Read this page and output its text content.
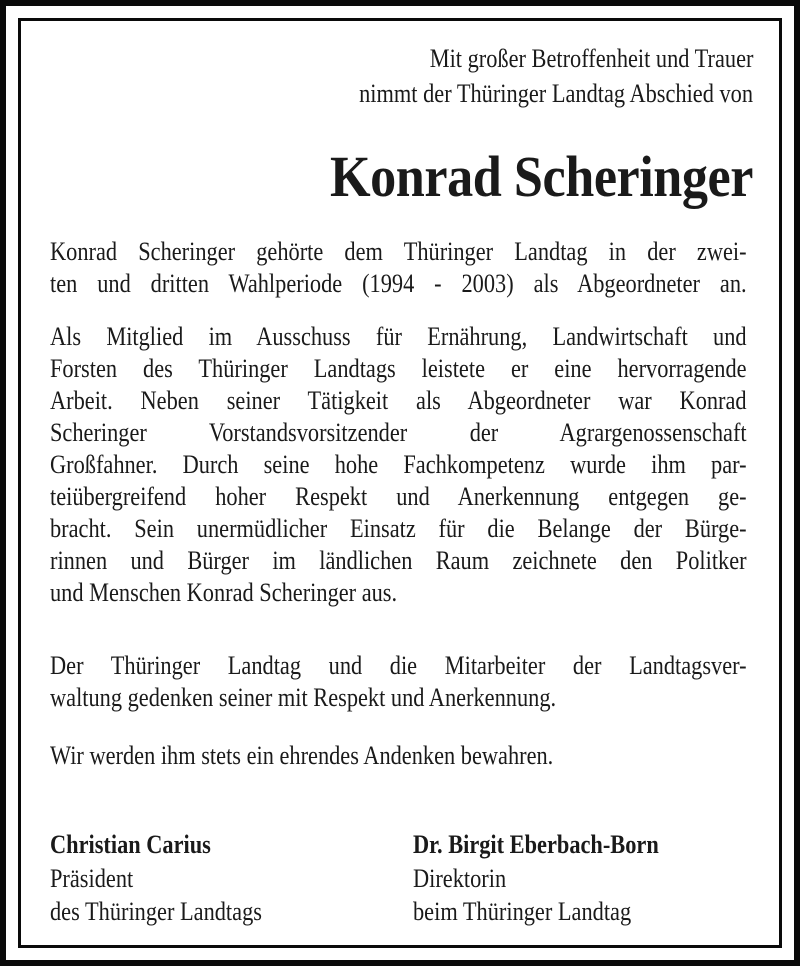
Mit großer Betroffenheit und Trauer
nimmt der Thüringer Landtag Abschied von
Konrad Scheringer
Konrad Scheringer gehörte dem Thüringer Landtag in der zwei-
ten und dritten Wahlperiode (1994 - 2003) als Abgeordneter an.
Als Mitglied im Ausschuss für Ernährung, Landwirtschaft und
Forsten des Thüringer Landtags leistete er eine hervorragende
Arbeit. Neben seiner Tätigkeit als Abgeordneter war Konrad
Scheringer Vorstandsvorsitzender der Agrargenossenschaft
Großfahner. Durch seine hohe Fachkompetenz wurde ihm par-
teiübergreifend hoher Respekt und Anerkennung entgegen ge-
bracht. Sein unermüdlicher Einsatz für die Belange der Bürge-
rinnen und Bürger im ländlichen Raum zeichnete den Politker
und Menschen Konrad Scheringer aus.
Der Thüringer Landtag und die Mitarbeiter der Landtagsver-
waltung gedenken seiner mit Respekt und Anerkennung.
Wir werden ihm stets ein ehrendes Andenken bewahren.
Christian Carius
Präsident
des Thüringer Landtags
Dr. Birgit Eberbach-Born
Direktorin
beim Thüringer Landtag
